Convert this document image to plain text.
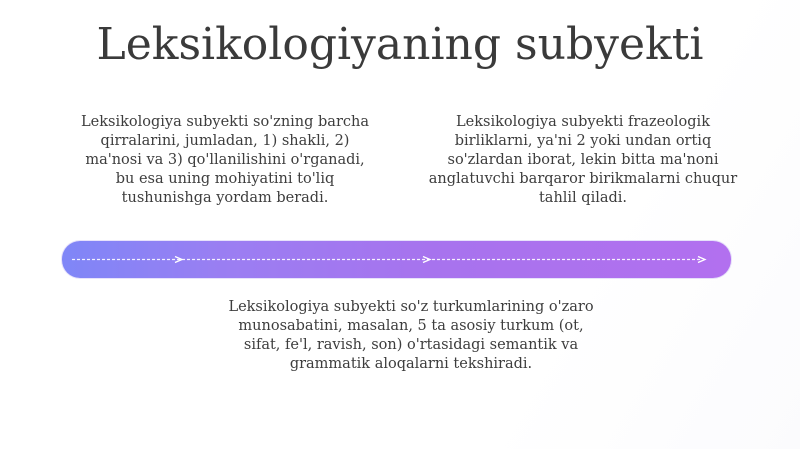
Leksikologiyaning subyekti
Leksikologiya subyekti so'zning barcha qirralarini, jumladan, 1) shakli, 2) ma'nosi va 3) qo'llanilishini o'rganadi, bu esa uning mohiyatini to'liq tushunishga yordam beradi.
Leksikologiya subyekti frazeologik birliklarni, ya'ni 2 yoki undan ortiq so'zlardan iborat, lekin bitta ma'noni anglatuvchi barqaror birikmalarni chuqur tahlil qiladi.
Leksikologiya subyekti so'z turkumlarining o'zaro munosabatini, masalan, 5 ta asosiy turkum (ot, sifat, fe'l, ravish, son) o'rtasidagi semantik va grammatik aloqalarni tekshiradi.
